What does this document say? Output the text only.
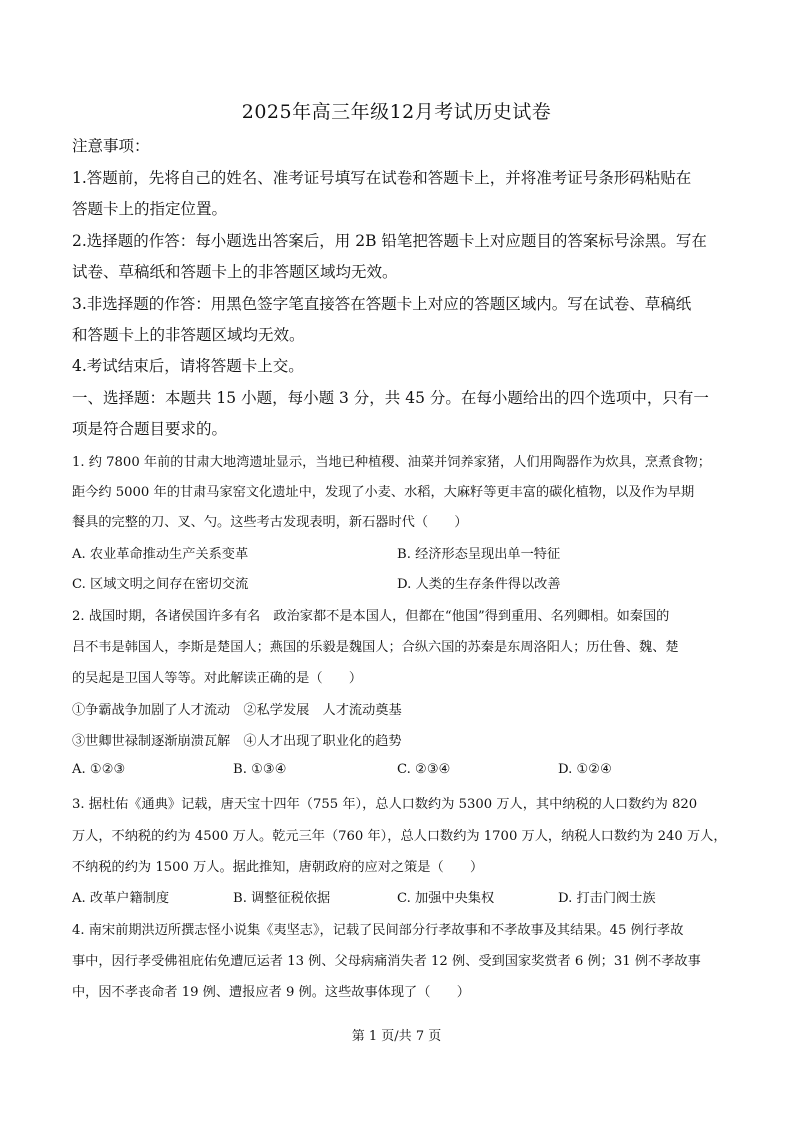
2025年高三年级12月考试历史试卷
注意事项：
1.答题前，先将自己的姓名、准考证号填写在试卷和答题卡上，并将准考证号条形码粘贴在
答题卡上的指定位置。
2.选择题的作答：每小题选出答案后，用 2B 铅笔把答题卡上对应题目的答案标号涂黑。写在
试卷、草稿纸和答题卡上的非答题区域均无效。
3.非选择题的作答：用黑色签字笔直接答在答题卡上对应的答题区域内。写在试卷、草稿纸
和答题卡上的非答题区域均无效。
4.考试结束后，请将答题卡上交。
一、选择题：本题共 15 小题，每小题 3 分，共 45 分。在每小题给出的四个选项中，只有一
项是符合题目要求的。
1. 约 7800 年前的甘肃大地湾遗址显示，当地已种植稷、油菜并饲养家猪，人们用陶器作为炊具，烹煮食物；
距今约 5000 年的甘肃马家窑文化遗址中，发现了小麦、水稻，大麻籽等更丰富的碳化植物，以及作为早期
餐具的完整的刀、叉、勺。这些考古发现表明，新石器时代（　　）
A. 农业革命推动生产关系变革	B. 经济形态呈现出单一特征
C. 区域文明之间存在密切交流	D. 人类的生存条件得以改善
2. 战国时期，各诸侯国许多有名　政治家都不是本国人，但都在“他国”得到重用、名列卿相。如秦国的
吕不韦是韩国人，李斯是楚国人；燕国的乐毅是魏国人；合纵六国的苏秦是东周洛阳人；历仕鲁、魏、楚
的吴起是卫国人等等。对此解读正确的是（　　）
①争霸战争加剧了人才流动　②私学发展　人才流动奠基
③世卿世禄制逐渐崩溃瓦解　④人才出现了职业化的趋势
A. ①②③	B. ①③④	C. ②③④	D. ①②④
3. 据杜佑《通典》记载，唐天宝十四年（755 年），总人口数约为 5300 万人，其中纳税的人口数约为 820
万人，不纳税的约为 4500 万人。乾元三年（760 年），总人口数约为 1700 万人，纳税人口数约为 240 万人，
不纳税的约为 1500 万人。据此推知，唐朝政府的应对之策是（　　）
A. 改革户籍制度	B. 调整征税依据	C. 加强中央集权	D. 打击门阀士族
4. 南宋前期洪迈所撰志怪小说集《夷坚志》，记载了民间部分行孝故事和不孝故事及其结果。45 例行孝故
事中，因行孝受佛祖庇佑免遭厄运者 13 例、父母病痛消失者 12 例、受到国家奖赏者 6 例；31 例不孝故事
中，因不孝丧命者 19 例、遭报应者 9 例。这些故事体现了（　　）
第 1 页/共 7 页
